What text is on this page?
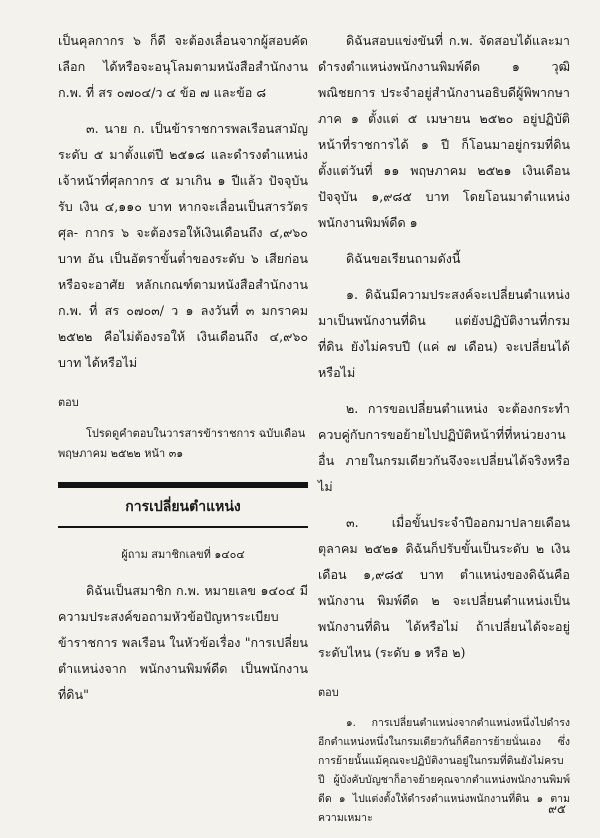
เป็นคุลกากร ๖ ก็ดี จะต้องเลื่อนจากผู้สอบคัดเลือก ได้หรือจะอนุโลมตามหนังสือสำนักงาน ก.พ. ที่ สร ๐๗๐๔/ว ๔ ข้อ ๗ และข้อ ๘

๓. นาย ก. เป็นข้าราชการพลเรือนสามัญ ระดับ ๕ มาตั้งแต่ปี ๒๕๑๘ และดำรงตำแหน่ง เจ้าหน้าที่ศุลกากร ๕ มาเกิน ๑ ปีแล้ว ปัจจุบันรับ เงิน ๔,๑๑๐ บาท หากจะเลื่อนเป็นสารวัตรศุล- กากร ๖ จะต้องรอให้เงินเดือนถึง ๔,๙๖๐ บาท อัน เป็นอัตราขั้นต่ำของระดับ ๖ เสียก่อนหรือจะอาศัย หลักเกณฑ์ตามหนังสือสำนักงาน ก.พ. ที่ สร ๐๗๐๓/ ว ๑ ลงวันที่ ๓ มกราคม ๒๕๒๒ คือไม่ต้องรอให้ เงินเดือนถึง ๔,๙๖๐ บาท ได้หรือไม่

ตอบ

โปรดดูคำตอบในวารสารข้าราชการ ฉบับเดือน พฤษภาคม ๒๕๒๒ หน้า ๓๑

การเปลี่ยนตำแหน่ง
ผู้ถาม สมาชิกเลขที่ ๑๔๐๔

ดิฉันเป็นสมาชิก ก.พ. หมายเลข ๑๔๐๔ มี ความประสงค์ขอถามหัวข้อปัญหาระเบียบข้าราชการ พลเรือน ในหัวข้อเรื่อง "การเปลี่ยนตำแหน่งจาก พนักงานพิมพ์ดีด เป็นพนักงานที่ดิน"

ดิฉันสอบแข่งขันที่ ก.พ. จัดสอบได้และมา ดำรงตำแหน่งพนักงานพิมพ์ดีด ๑ วุฒิพณิชยการ ประจำอยู่สำนักงานอธิบดีผู้พิพากษาภาค ๑ ตั้งแต่ ๕ เมษายน ๒๕๒๐ อยู่ปฏิบัติหน้าที่ราชการได้ ๑ ปี ก็โอนมาอยู่กรมที่ดินตั้งแต่วันที่ ๑๑ พฤษภาคม ๒๕๒๑ เงินเดือนปัจจุบัน ๑,๙๘๕ บาท โดยโอนมาตำแหน่ง พนักงานพิมพ์ดีด ๑

ดิฉันขอเรียนถามดังนี้

๑. ดิฉันมีความประสงค์จะเปลี่ยนตำแหน่ง มาเป็นพนักงานที่ดิน แต่ยังปฏิบัติงานที่กรมที่ดิน ยังไม่ครบปี (แค่ ๗ เดือน) จะเปลี่ยนได้หรือไม่

๒. การขอเปลี่ยนตำแหน่ง จะต้องกระทำ ควบคู่กับการขอย้ายไปปฏิบัติหน้าที่ที่หน่วยงานอื่น ภายในกรมเดียวกันจึงจะเปลี่ยนได้จริงหรือไม่

๓. เมื่อขั้นประจำปีออกมาปลายเดือน ตุลาคม ๒๕๒๑ ดิฉันก็ปรับขั้นเป็นระดับ ๒ เงินเดือน ๑,๙๘๕ บาท ตำแหน่งของดิฉันคือพนักงาน พิมพ์ดีด ๒ จะเปลี่ยนตำแหน่งเป็นพนักงานที่ดิน ได้หรือไม่ ถ้าเปลี่ยนได้จะอยู่ระดับไหน (ระดับ ๑ หรือ ๒)

ตอบ

๑. การเปลี่ยนตำแหน่งจากตำแหน่งหนึ่งไปดำรง อีกตำแหน่งหนึ่งในกรมเดียวกันก็คือการย้ายนั่นเอง ซึ่ง การย้ายนั้นแม้คุณจะปฏิบัติงานอยู่ในกรมที่ดินยังไม่ครบปี ผู้บังคับบัญชาก็อาจย้ายคุณจากตำแหน่งพนักงานพิมพ์ดีด ๑ ไปแต่งตั้งให้ดำรงตำแหน่งพนักงานที่ดิน ๑ ตามความเหมาะ

๙๕
